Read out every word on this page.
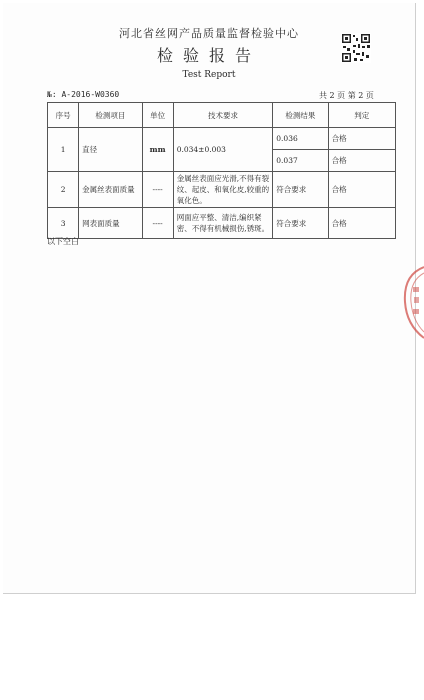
河北省丝网产品质量监督检验中心
检验报告
Test Report
№: A-2016-W0360	共 2 页 第 2 页
序号	检测项目	单位	技术要求	检测结果	判定
1	直径	mm	0.034±0.003	0.036	合格
				0.037	合格
2	金属丝表面质量	----	金属丝表面应光滑,不得有裂纹、起皮、和氧化皮,较重的氧化色。	符合要求	合格
3	网表面质量	----	网面应平整、清洁,编织紧密、不得有机械损伤,锈斑。	符合要求	合格
以下空白
